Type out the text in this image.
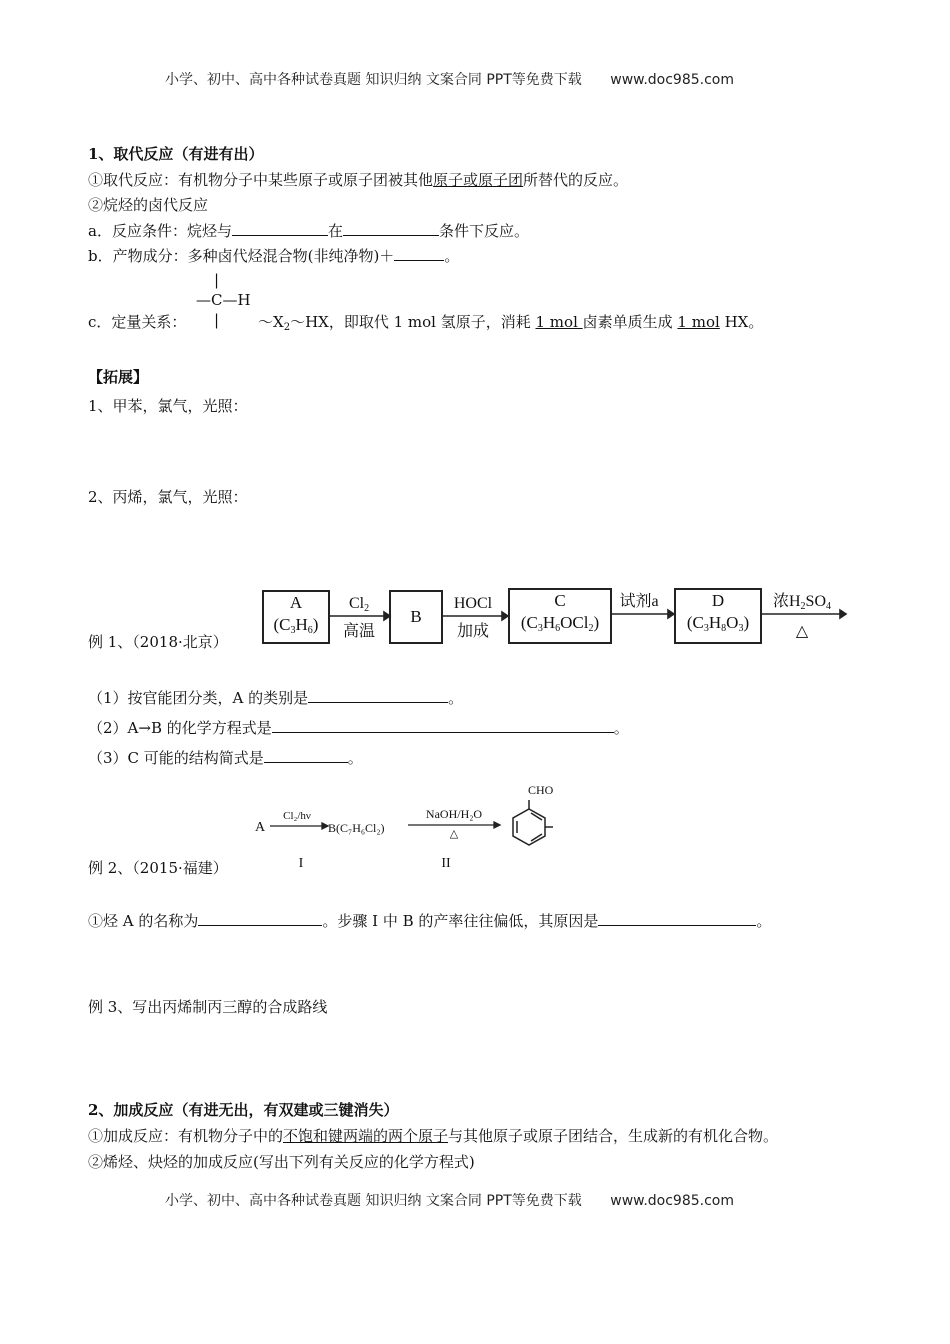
小学、初中、高中各种试卷真题 知识归纳 文案合同 PPT等免费下载 www.doc985.com
1、取代反应（有进有出）
①取代反应：有机物分子中某些原子或原子团被其他原子或原子团所替代的反应。
②烷烃的卤代反应
a．反应条件：烷烃与	在	条件下反应。
b．产物成分：多种卤代烃混合物(非纯净物)＋	。
|
—C—H
|
c．定量关系：	$\sim X_2\sim HX$，即取代 1 mol 氢原子，消耗 1 mol 卤素单质生成 1 mol HX。
【拓展】
1、甲苯，氯气，光照：
2、丙烯，氯气，光照：
A
$(C_3H_6)$
$Cl_2$
高温
B
HOCl
加成
C
$(C_3H_6OCl_2)$
试剂a	D
$(C_3H_8O_3)$
浓$H_2SO_4$
△
例 1、（2018·北京）
（1）按官能团分类，A 的类别是	。
（2）A→B 的化学方程式是	。
（3）C 可能的结构简式是	。
A
Cl₂/hν
B(C₇H₆Cl₂)
NaOH/H₂O
△
CHO
I	II
例 2、（2015·福建）
①烃 A 的名称为	。步骤 I 中 B 的产率往往偏低，其原因是	。
例 3、写出丙烯制丙三醇的合成路线
2、加成反应（有进无出，有双建或三键消失）
①加成反应：有机物分子中的不饱和键两端的两个原子与其他原子或原子团结合，生成新的有机化合物。
②烯烃、炔烃的加成反应(写出下列有关反应的化学方程式)
小学、初中、高中各种试卷真题 知识归纳 文案合同 PPT等免费下载 www.doc985.com
